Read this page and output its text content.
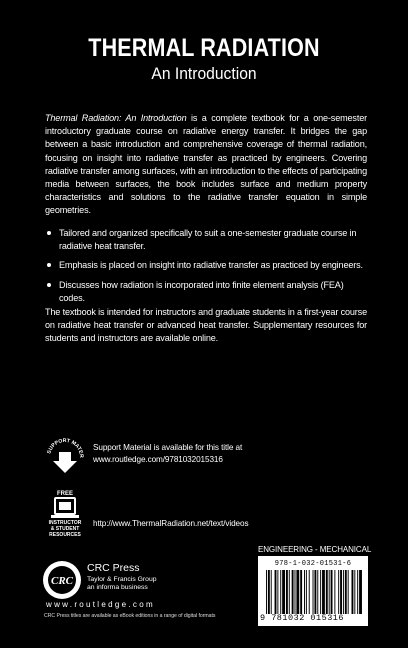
THERMAL RADIATION
An Introduction
Thermal Radiation: An Introduction is a complete textbook for a one-semester introductory graduate course on radiative energy transfer. It bridges the gap between a basic introduction and comprehensive coverage of thermal radiation, focusing on insight into radiative transfer as practiced by engineers. Covering radiative transfer among surfaces, with an introduction to the effects of participating media between surfaces, the book includes surface and medium property characteristics and solutions to the radiative transfer equation in simple geometries.
Tailored and organized specifically to suit a one-semester graduate course in radiative heat transfer.
Emphasis is placed on insight into radiative transfer as practiced by engineers.
Discusses how radiation is incorporated into finite element analysis (FEA) codes.
The textbook is intended for instructors and graduate students in a first-year course on radiative heat transfer or advanced heat transfer. Supplementary resources for students and instructors are available online.
SUPPORT MATER
Support Material is available for this title at
www.routledge.com/9781032015316
FREE
INSTRUCTOR
& STUDENT
RESOURCES
http://www.ThermalRadiation.net/text/videos
ENGINEERING - MECHANICAL
978-1-032-01531-6
9 781032 015316
CRC
CRC Press
Taylor & Francis Group
an informa business
www.routledge.com
CRC Press titles are available as eBook editions in a range of digital formats
